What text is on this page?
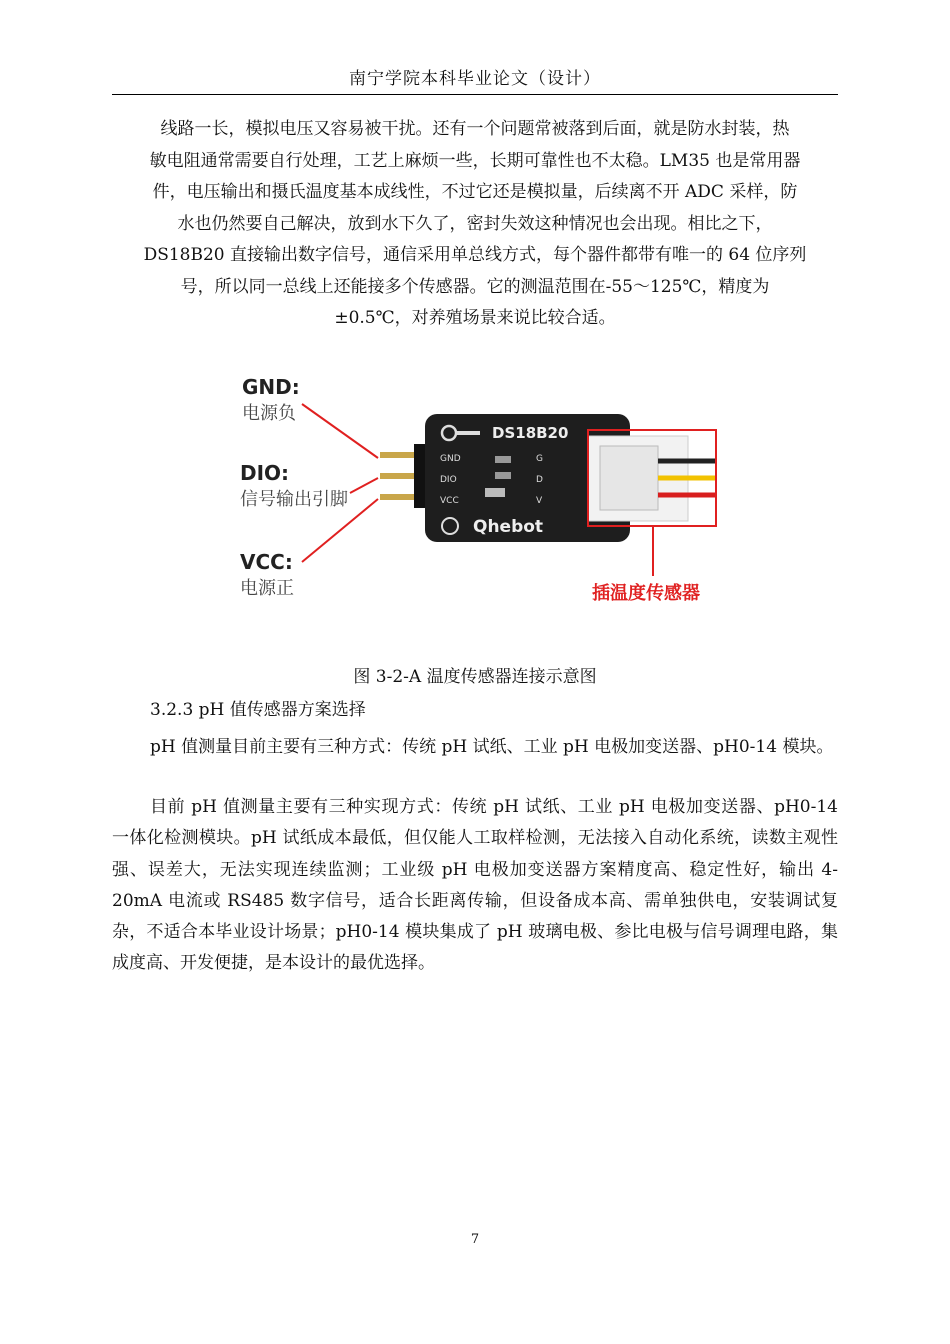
南宁学院本科毕业论文（设计）

线路一长，模拟电压又容易被干扰。还有一个问题常被落到后面，就是防水封装，热

敏电阻通常需要自行处理，工艺上麻烦一些，长期可靠性也不太稳。LM35 也是常用器

件，电压输出和摄氏温度基本成线性，不过它还是模拟量，后续离不开 ADC 采样，防

水也仍然要自己解决，放到水下久了，密封失效这种情况也会出现。相比之下，

DS18B20 直接输出数字信号，通信采用单总线方式，每个器件都带有唯一的 64 位序列

号，所以同一总线上还能接多个传感器。它的测温范围在-55～125℃，精度为

±0.5℃，对养殖场景来说比较合适。

GND:
电源负
DIO:
信号输出引脚
VCC:
电源正
DS18B20
GND
DIO
VCC
G
D
V
Qhebot
插温度传感器
图 3-2-A 温度传感器连接示意图
3.2.3 pH 值传感器方案选择
pH 值测量目前主要有三种方式：传统 pH 试纸、工业 pH 电极加变送器、pH0-14 模块。
目前 pH 值测量主要有三种实现方式：传统 pH 试纸、工业 pH 电极加变送器、pH0-14 一体化检测模块。pH 试纸成本最低，但仅能人工取样检测，无法接入自动化系统，读数主观性强、误差大，无法实现连续监测；工业级 pH 电极加变送器方案精度高、稳定性好，输出 4-20mA 电流或 RS485 数字信号，适合长距离传输，但设备成本高、需单独供电，安装调试复杂，不适合本毕业设计场景；pH0-14 模块集成了 pH 玻璃电极、参比电极与信号调理电路，集成度高、开发便捷，是本设计的最优选择。
7
